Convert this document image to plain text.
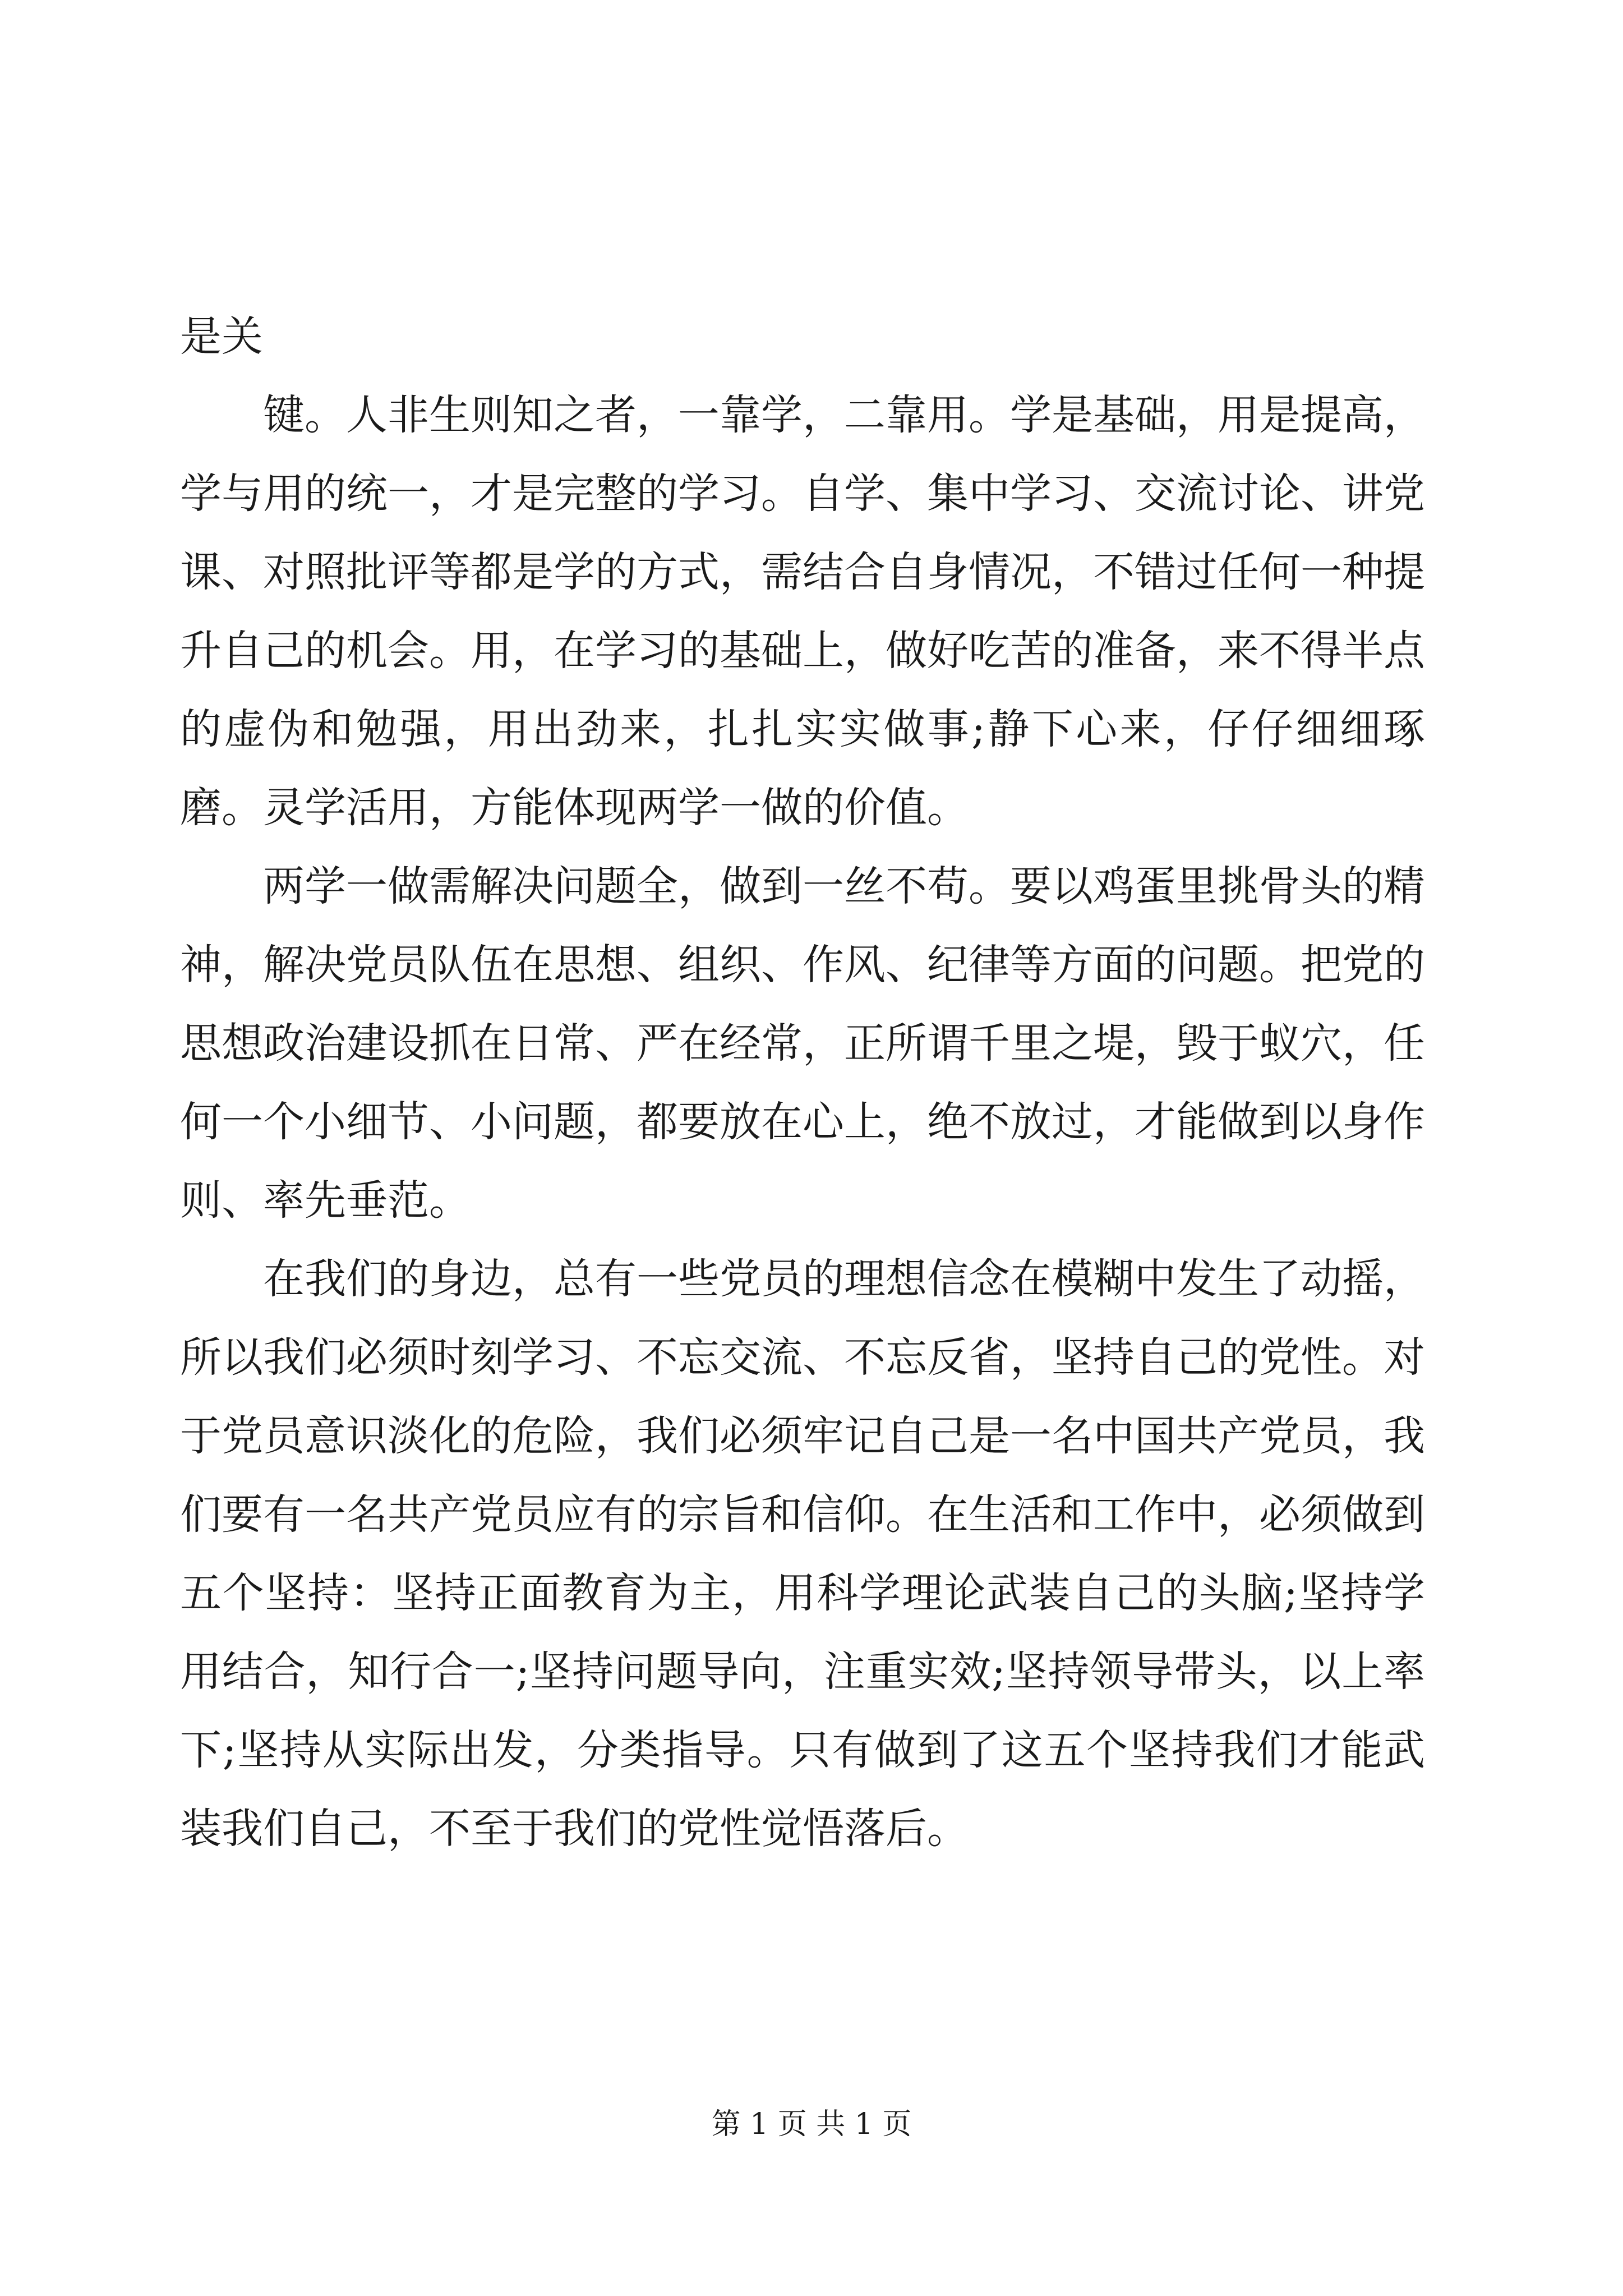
是关

键。人非生则知之者，一靠学，二靠用。学是基础，用是提高，学与用的统一，才是完整的学习。自学、集中学习、交流讨论、讲党课、对照批评等都是学的方式，需结合自身情况，不错过任何一种提升自己的机会。用，在学习的基础上，做好吃苦的准备，来不得半点的虚伪和勉强，用出劲来，扎扎实实做事;静下心来，仔仔细细琢磨。灵学活用，方能体现两学一做的价值。

两学一做需解决问题全，做到一丝不苟。要以鸡蛋里挑骨头的精神，解决党员队伍在思想、组织、作风、纪律等方面的问题。把党的思想政治建设抓在日常、严在经常，正所谓千里之堤，毁于蚁穴，任何一个小细节、小问题，都要放在心上，绝不放过，才能做到以身作则、率先垂范。

在我们的身边，总有一些党员的理想信念在模糊中发生了动摇，所以我们必须时刻学习、不忘交流、不忘反省，坚持自己的党性。对于党员意识淡化的危险，我们必须牢记自己是一名中国共产党员，我们要有一名共产党员应有的宗旨和信仰。在生活和工作中，必须做到五个坚持：坚持正面教育为主，用科学理论武装自己的头脑;坚持学用结合，知行合一;坚持问题导向，注重实效;坚持领导带头，以上率下;坚持从实际出发，分类指导。只有做到了这五个坚持我们才能武装我们自己，不至于我们的党性觉悟落后。

第 1 页 共 1 页
